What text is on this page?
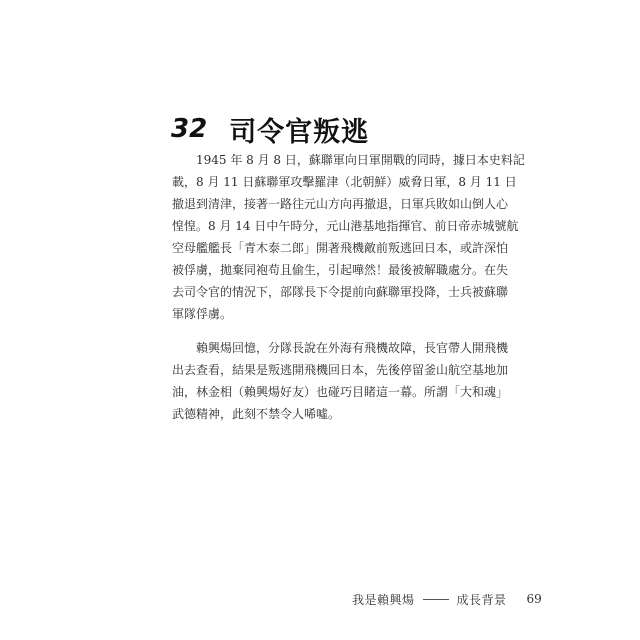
32 司令官叛逃

　　1945 年 8 月 8 日，蘇聯軍向日軍開戰的同時，據日本史料記
載，8 月 11 日蘇聯軍攻擊羅津（北朝鮮）威脅日軍，8 月 11 日
撤退到清津，接著一路往元山方向再撤退，日軍兵敗如山倒人心
惶惶。8 月 14 日中午時分，元山港基地指揮官、前日帝赤城號航
空母艦艦長「青木泰二郎」開著飛機敵前叛逃回日本，或許深怕
被俘虜，拋棄同袍苟且偷生，引起嘩然！最後被解職處分。在失
去司令官的情況下，部隊長下令提前向蘇聯軍投降，士兵被蘇聯
軍隊俘虜。

　　賴興煬回憶，分隊長說在外海有飛機故障，長官帶人開飛機
出去查看，結果是叛逃開飛機回日本，先後停留釜山航空基地加
油，林金相（賴興煬好友）也碰巧目睹這一幕。所謂「大和魂」
武德精神，此刻不禁令人唏噓。

我是賴興煬	成長背景 69
